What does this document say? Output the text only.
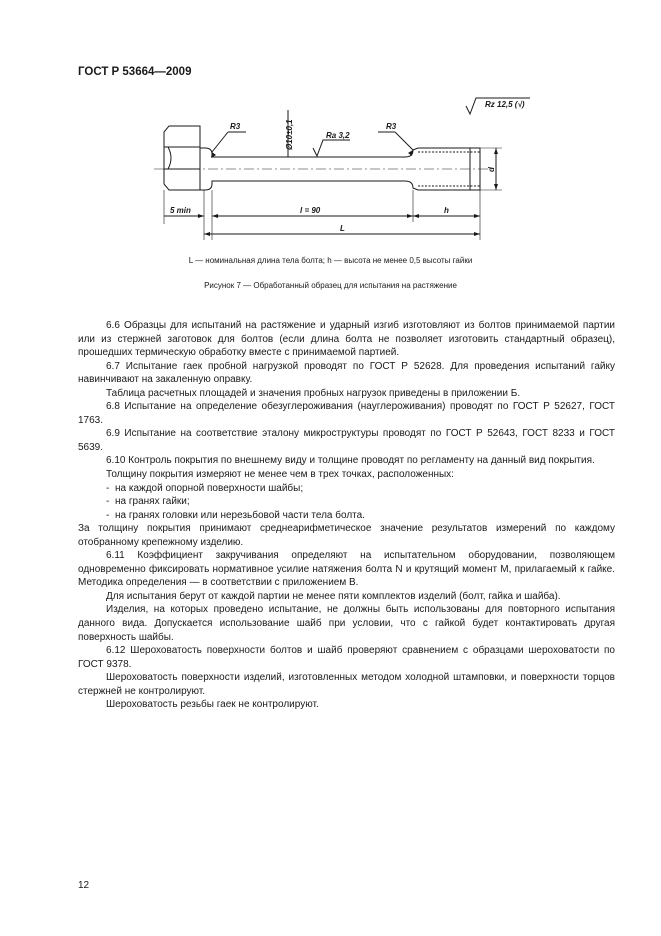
ГОСТ Р 53664—2009
Rz 12,5 (√)
R3	R3
Ø10±0,1	Ra 3,2
d
5 min	l = 90	h
L
L — номинальная длина тела болта; h — высота не менее 0,5 высоты гайки
Рисунок 7 — Обработанный образец для испытания на растяжение

6.6 Образцы для испытаний на растяжение и ударный изгиб изготовляют из болтов принимаемой партии или из стержней заготовок для болтов (если длина болта не позволяет изготовить стандартный образец), прошедших термическую обработку вместе с принимаемой партией.

6.7 Испытание гаек пробной нагрузкой проводят по ГОСТ Р 52628. Для проведения испытаний гайку навинчивают на закаленную оправку.

Таблица расчетных площадей и значения пробных нагрузок приведены в приложении Б.

6.8 Испытание на определение обезуглероживания (науглероживания) проводят по ГОСТ Р 52627, ГОСТ 1763.

6.9 Испытание на соответствие эталону микроструктуры проводят по ГОСТ Р 52643, ГОСТ 8233 и ГОСТ 5639.

6.10 Контроль покрытия по внешнему виду и толщине проводят по регламенту на данный вид покрытия.

Толщину покрытия измеряют не менее чем в трех точках, расположенных:

- на каждой опорной поверхности шайбы;

- на гранях гайки;

- на гранях головки или нерезьбовой части тела болта.

За толщину покрытия принимают среднеарифметическое значение результатов измерений по каждому отобранному крепежному изделию.

6.11 Коэффициент закручивания определяют на испытательном оборудовании, позволяющем одновременно фиксировать нормативное усилие натяжения болта N и крутящий момент M, прилагаемый к гайке. Методика определения — в соответствии с приложением В.

Для испытания берут от каждой партии не менее пяти комплектов изделий (болт, гайка и шайба).

Изделия, на которых проведено испытание, не должны быть использованы для повторного испытания данного вида. Допускается использование шайб при условии, что с гайкой будет контактировать другая поверхность шайбы.

6.12 Шероховатость поверхности болтов и шайб проверяют сравнением с образцами шероховатости по ГОСТ 9378.

Шероховатость поверхности изделий, изготовленных методом холодной штамповки, и поверхности торцов стержней не контролируют.

Шероховатость резьбы гаек не контролируют.

12
